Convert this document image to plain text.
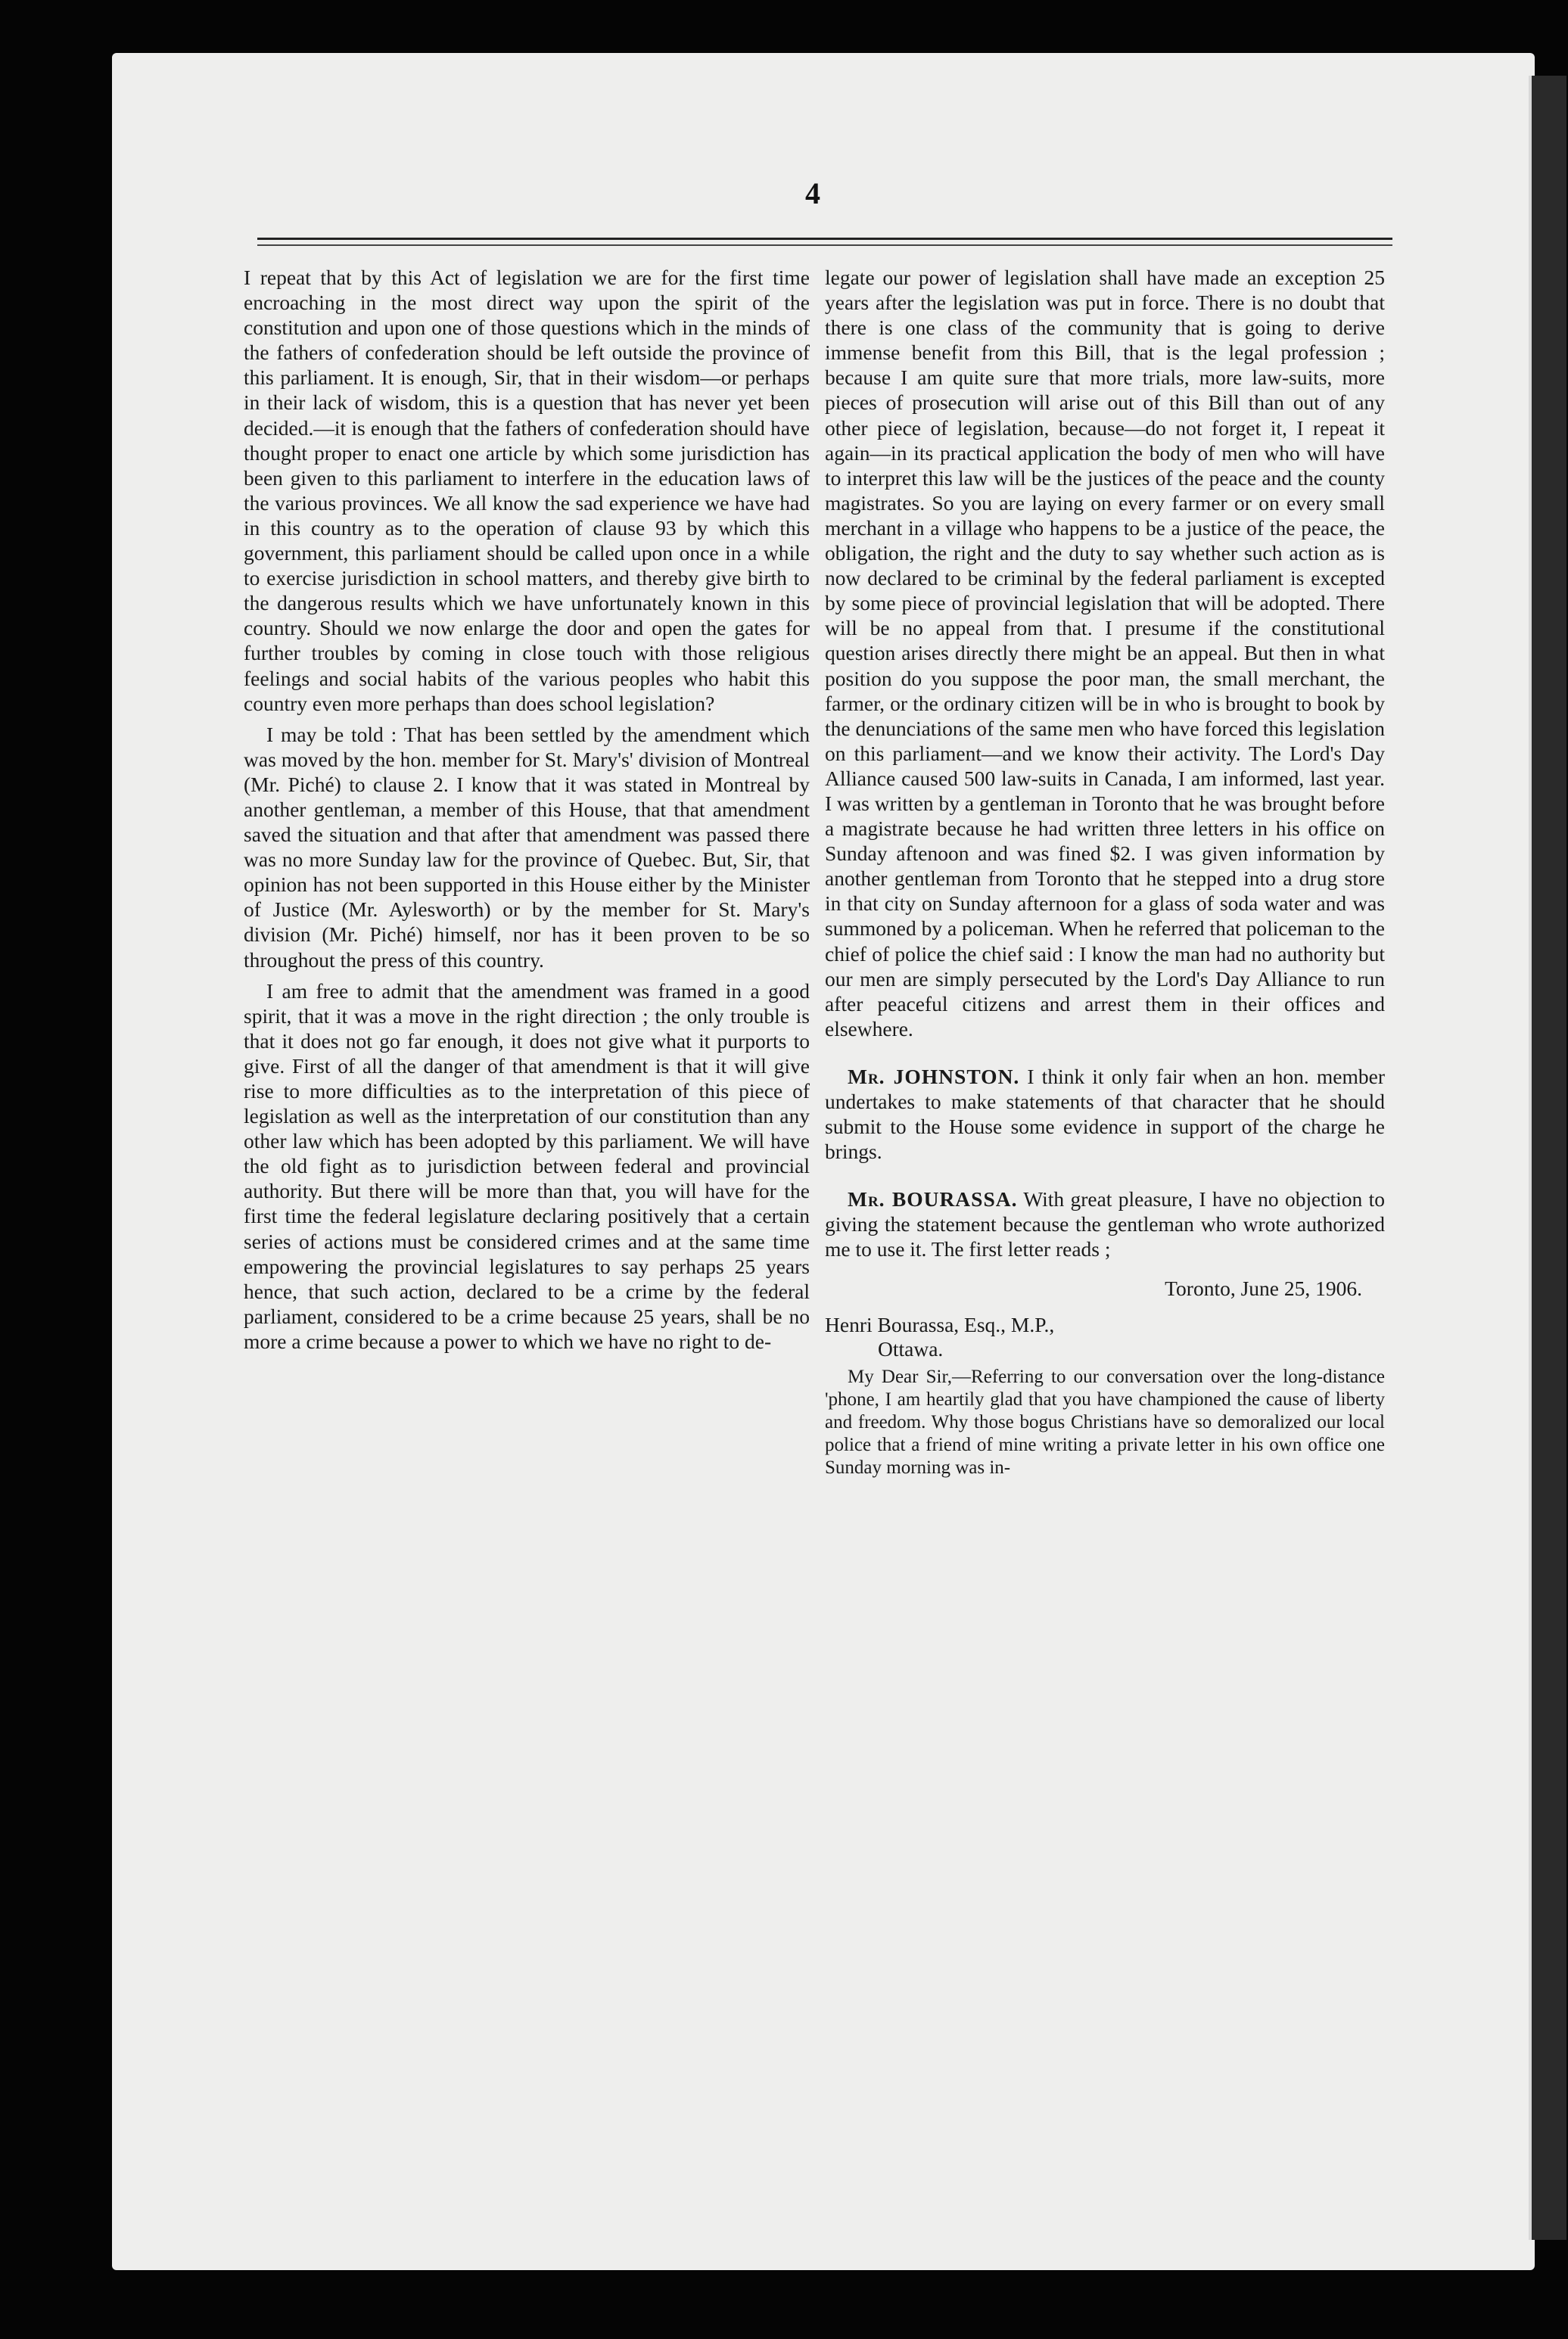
4

I repeat that by this Act of legislation we are for the first time encroaching in the most direct way upon the spirit of the constitution and upon one of those questions which in the minds of the fathers of confederation should be left outside the province of this parliament. It is enough, Sir, that in their wisdom—or perhaps in their lack of wisdom, this is a question that has never yet been decided.—it is enough that the fathers of confederation should have thought proper to enact one article by which some jurisdiction has been given to this parliament to interfere in the education laws of the various provinces. We all know the sad experience we have had in this country as to the operation of clause 93 by which this government, this parliament should be called upon once in a while to exercise jurisdiction in school matters, and thereby give birth to the dangerous results which we have unfortunately known in this country. Should we now enlarge the door and open the gates for further troubles by coming in close touch with those religious feelings and social habits of the various peoples who habit this country even more perhaps than does school legislation?

I may be told : That has been settled by the amendment which was moved by the hon. member for St. Mary's' division of Montreal (Mr. Piché) to clause 2. I know that it was stated in Montreal by another gentleman, a member of this House, that that amendment saved the situation and that after that amendment was passed there was no more Sunday law for the province of Quebec. But, Sir, that opinion has not been supported in this House either by the Minister of Justice (Mr. Aylesworth) or by the member for St. Mary's division (Mr. Piché) himself, nor has it been proven to be so throughout the press of this country.

I am free to admit that the amendment was framed in a good spirit, that it was a move in the right direction ; the only trouble is that it does not go far enough, it does not give what it purports to give. First of all the danger of that amendment is that it will give rise to more difficulties as to the interpretation of this piece of legislation as well as the interpretation of our constitution than any other law which has been adopted by this parliament. We will have the old fight as to jurisdiction between federal and provincial authority. But there will be more than that, you will have for the first time the federal legislature declaring positively that a certain series of actions must be considered crimes and at the same time empowering the provincial legislatures to say perhaps 25 years hence, that such action, declared to be a crime by the federal parliament, considered to be a crime because 25 years, shall be no more a crime because a power to which we have no right to de-

legate our power of legislation shall have made an exception 25 years after the legislation was put in force. There is no doubt that there is one class of the community that is going to derive immense benefit from this Bill, that is the legal profession ; because I am quite sure that more trials, more law-suits, more pieces of prosecution will arise out of this Bill than out of any other piece of legislation, because—do not forget it, I repeat it again—in its practical application the body of men who will have to interpret this law will be the justices of the peace and the county magistrates. So you are laying on every farmer or on every small merchant in a village who happens to be a justice of the peace, the obligation, the right and the duty to say whether such action as is now declared to be criminal by the federal parliament is excepted by some piece of provincial legislation that will be adopted. There will be no appeal from that. I presume if the constitutional question arises directly there might be an appeal. But then in what position do you suppose the poor man, the small merchant, the farmer, or the ordinary citizen will be in who is brought to book by the denunciations of the same men who have forced this legislation on this parliament—and we know their activity. The Lord's Day Alliance caused 500 law-suits in Canada, I am informed, last year. I was written by a gentleman in Toronto that he was brought before a magistrate because he had written three letters in his office on Sunday aftenoon and was fined $2. I was given information by another gentleman from Toronto that he stepped into a drug store in that city on Sunday afternoon for a glass of soda water and was summoned by a policeman. When he referred that policeman to the chief of police the chief said : I know the man had no authority but our men are simply persecuted by the Lord's Day Alliance to run after peaceful citizens and arrest them in their offices and elsewhere.

Mr. JOHNSTON. I think it only fair when an hon. member undertakes to make statements of that character that he should submit to the House some evidence in support of the charge he brings.

Mr. BOURASSA. With great pleasure, I have no objection to giving the statement because the gentleman who wrote authorized me to use it. The first letter reads ;

Toronto, June 25, 1906.
Henri Bourassa, Esq., M.P.,
Ottawa.

My Dear Sir,—Referring to our conversation over the long-distance 'phone, I am heartily glad that you have championed the cause of liberty and freedom. Why those bogus Christians have so demoralized our local police that a friend of mine writing a private letter in his own office one Sunday morning was in-
